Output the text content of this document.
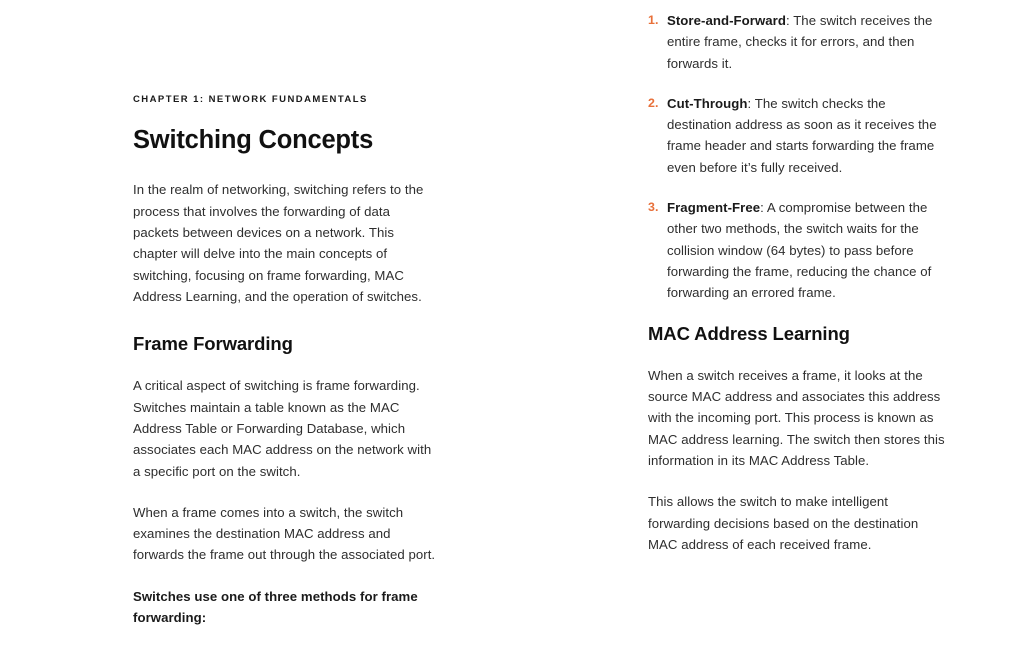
CHAPTER 1: NETWORK FUNDAMENTALS
Switching Concepts

In the realm of networking, switching refers to the process that involves the forwarding of data packets between devices on a network. This chapter will delve into the main concepts of switching, focusing on frame forwarding, MAC Address Learning, and the operation of switches.

Frame Forwarding

A critical aspect of switching is frame forwarding. Switches maintain a table known as the MAC Address Table or Forwarding Database, which associates each MAC address on the network with a specific port on the switch.

When a frame comes into a switch, the switch examines the destination MAC address and forwards the frame out through the associated port.

Switches use one of three methods for frame forwarding:

1. Store-and-Forward: The switch receives the entire frame, checks it for errors, and then forwards it.
2. Cut-Through: The switch checks the destination address as soon as it receives the frame header and starts forwarding the frame even before it’s fully received.
3. Fragment-Free: A compromise between the other two methods, the switch waits for the collision window (64 bytes) to pass before forwarding the frame, reducing the chance of forwarding an errored frame.
MAC Address Learning

When a switch receives a frame, it looks at the source MAC address and associates this address with the incoming port. This process is known as MAC address learning. The switch then stores this information in its MAC Address Table.

This allows the switch to make intelligent forwarding decisions based on the destination MAC address of each received frame.
